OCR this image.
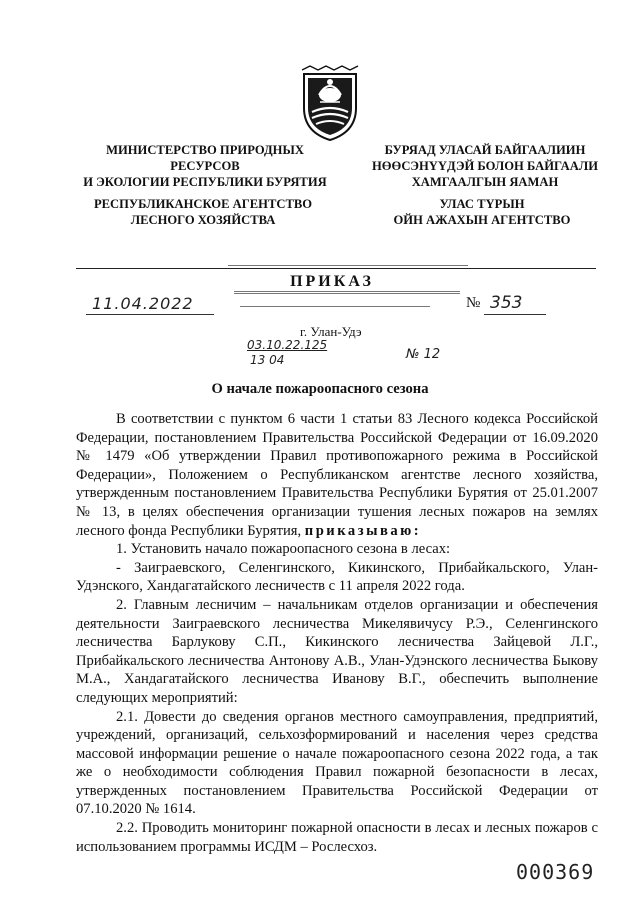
МИНИСТЕРСТВО ПРИРОДНЫХ РЕСУРСОВ
И ЭКОЛОГИИ РЕСПУБЛИКИ БУРЯТИЯ
БУРЯАД УЛАСАЙ БАЙГААЛИИН
НӨӨСЭНҮҮДЭЙ БОЛОН БАЙГААЛИ
ХАМГААЛГЫН ЯАМАН
РЕСПУБЛИКАНСКОЕ АГЕНТСТВО
ЛЕСНОГО ХОЗЯЙСТВА
УЛАС ТҮРЫН
ОЙН АЖАХЫН АГЕНТСТВО
ПРИКАЗ
11.04.2022	№ 353
г. Улан-Удэ
03.10.22.125
13 04	№ 12
О начале пожароопасного сезона

В соответствии с пунктом 6 части 1 статьи 83 Лесного кодекса Российской Федерации, постановлением Правительства Российской Федерации от 16.09.2020 № 1479 «Об утверждении Правил противопожарного режима в Российской Федерации», Положением о Республиканском агентстве лесного хозяйства, утвержденным постановлением Правительства Республики Бурятия от 25.01.2007 № 13, в целях обеспечения организации тушения лесных пожаров на землях лесного фонда Республики Бурятия, приказываю:

1. Установить начало пожароопасного сезона в лесах:

- Заиграевского, Селенгинского, Кикинского, Прибайкальского, Улан-Удэнского, Хандагатайского лесничеств с 11 апреля 2022 года.

2. Главным лесничим – начальникам отделов организации и обеспечения деятельности Заиграевского лесничества Микелявичусу Р.Э., Селенгинского лесничества Барлукову С.П., Кикинского лесничества Зайцевой Л.Г., Прибайкальского лесничества Антонову А.В., Улан-Удэнского лесничества Быкову М.А., Хандагатайского лесничества Иванову В.Г., обеспечить выполнение следующих мероприятий:

2.1. Довести до сведения органов местного самоуправления, предприятий, учреждений, организаций, сельхозформирований и населения через средства массовой информации решение о начале пожароопасного сезона 2022 года, а так же о необходимости соблюдения Правил пожарной безопасности в лесах, утвержденных постановлением Правительства Российской Федерации от 07.10.2020 № 1614.

2.2. Проводить мониторинг пожарной опасности в лесах и лесных пожаров с использованием программы ИСДМ – Рослесхоз.

000369
